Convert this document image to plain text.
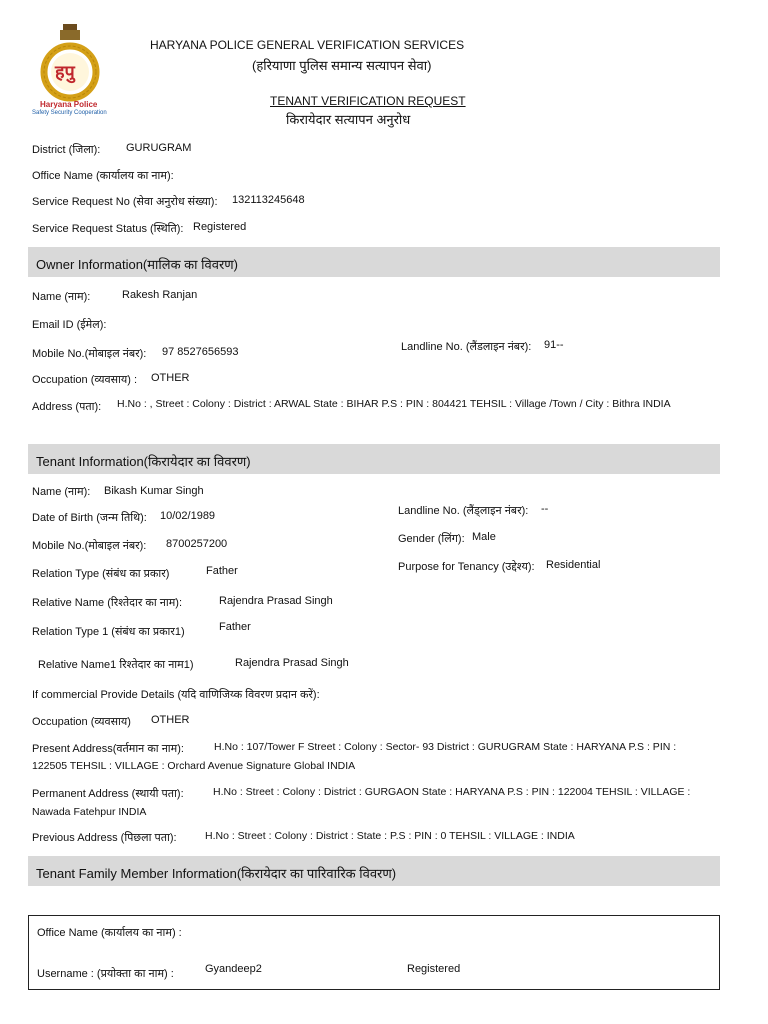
हपु
Haryana Police
Safety Security Cooperation
HARYANA POLICE GENERAL VERIFICATION SERVICES
(हरियाणा पुलिस समान्य सत्यापन सेवा)
TENANT VERIFICATION REQUEST
किरायेदार सत्यापन अनुरोध
District (जिला): GURUGRAM
Office Name (कार्यालय का नाम):
Service Request No (सेवा अनुरोध संख्या): 132113245648
Service Request Status (स्थिति): Registered
Owner Information(मालिक का विवरण)
Name (नाम):	Rakesh Ranjan
Email ID (ईमेल):
Mobile No.(मोबाइल नंबर): 97 8527656593	Landline No. (लैंडलाइन नंबर): 91--
Occupation (व्यवसाय) : OTHER
Address (पता): H.No : , Street : Colony : District : ARWAL State : BIHAR P.S : PIN : 804421 TEHSIL : Village /Town / City : Bithra INDIA
Tenant Information(किरायेदार का विवरण)
Name (नाम): Bikash Kumar Singh
Date of Birth (जन्म तिथि): 10/02/1989
Mobile No.(मोबाइल नंबर): 8700257200
Relation Type (संबंध का प्रकार)	Father
Relative Name (रिश्तेदार का नाम):	Rajendra Prasad Singh
Relation Type 1 (संबंध का प्रकार1)	Father
Relative Name1 रिश्तेदार का नाम1)	Rajendra Prasad Singh
Landline No. (लैंड्लाइन नंबर): --
Gender (लिंग): Male
Purpose for Tenancy (उद्देश्य): Residential
If commercial Provide Details (यदि वाणिजिय्क विवरण प्रदान करें):
Occupation (व्यवसाय) OTHER
Present Address(वर्तमान का नाम):	H.No : 107/Tower F Street : Colony : Sector- 93 District : GURUGRAM State : HARYANA P.S : PIN :
122505 TEHSIL : VILLAGE : Orchard Avenue Signature Global INDIA
Permanent Address (स्थायी पता):	H.No : Street : Colony : District : GURGAON State : HARYANA P.S : PIN : 122004 TEHSIL : VILLAGE :
Nawada Fatehpur INDIA
Previous Address (पिछला पता):	H.No : Street : Colony : District : State : P.S : PIN : 0 TEHSIL : VILLAGE : INDIA
Tenant Family Member Information(किरायेदार का पारिवारिक विवरण)
Office Name (कार्यालय का नाम) :
Username : (प्रयोक्ता का नाम) :	Gyandeep2	Registered
